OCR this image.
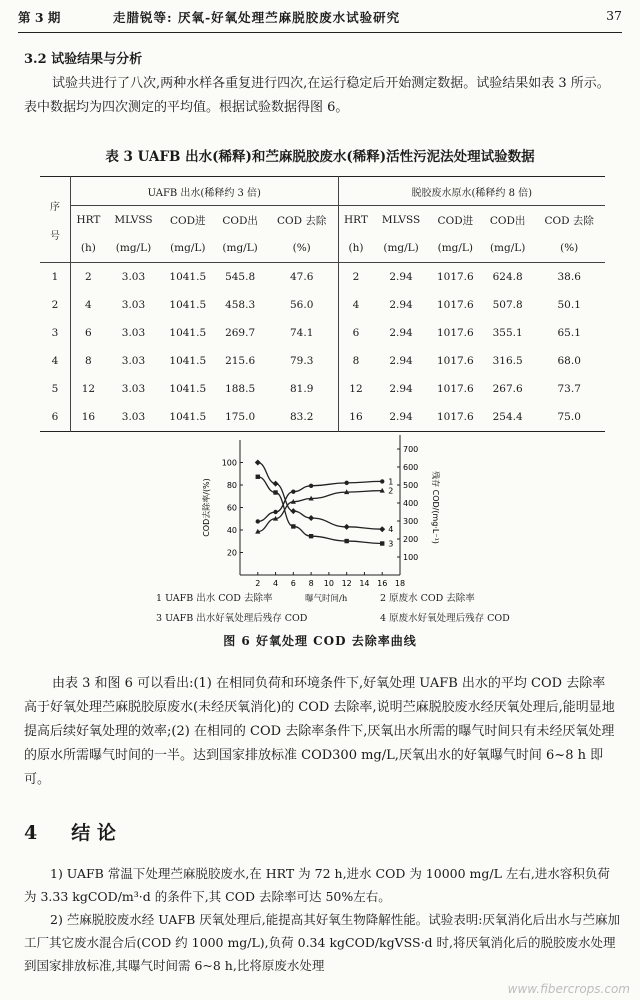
第 3 期	走腊锐等: 厌氧-好氧处理苎麻脱胶废水试验研究	37
3.2 试验结果与分析
试验共进行了八次,两种水样各重复进行四次,在运行稳定后开始测定数据。试验结果如表 3 所示。表中数据均为四次测定的平均值。根据试验数据得图 6。
表 3 UAFB 出水(稀释)和苎麻脱胶废水(稀释)活性污泥法处理试验数据
序
号	UAFB 出水(稀释约 3 倍)					脱胶废水原水(稀释约 8 倍)				
	HRT	MLVSS	COD进	COD出	COD 去除	HRT	MLVSS	COD进	COD出	COD 去除
	(h)	(mg/L)	(mg/L)	(mg/L)	(%)	(h)	(mg/L)	(mg/L)	(mg/L)	(%)
1	2	3.03	1041.5	545.8	47.6	2	2.94	1017.6	624.8	38.6
2	4	3.03	1041.5	458.3	56.0	4	2.94	1017.6	507.8	50.1
3	6	3.03	1041.5	269.7	74.1	6	2.94	1017.6	355.1	65.1
4	8	3.03	1041.5	215.6	79.3	8	2.94	1017.6	316.5	68.0
5	12	3.03	1041.5	188.5	81.9	12	2.94	1017.6	267.6	73.7
6	16	3.03	1041.5	175.0	83.2	16	2.94	1017.6	254.4	75.0
2 4 6 8 10 12 14 16 18
20
40
60
80
100
100
200
300
400
500
600
700
COD去除率/(%)	残存 COD/(mg·L⁻¹)
1
2
3
4
1 UAFB 出水 COD 去除率	2 原废水 COD 去除率
3 UAFB 出水好氧处理后残存 COD	4 原废水好氧处理后残存 COD
曝气时间/h
图 6 好氧处理 COD 去除率曲线
由表 3 和图 6 可以看出:(1) 在相同负荷和环境条件下,好氧处理 UAFB 出水的平均 COD 去除率高于好氧处理苎麻脱胶原废水(未经厌氧消化)的 COD 去除率,说明苎麻脱胶废水经厌氧处理后,能明显地提高后续好氧处理的效率;(2) 在相同的 COD 去除率条件下,厌氧出水所需的曝气时间只有未经厌氧处理的原水所需曝气时间的一半。达到国家排放标准 COD300 mg/L,厌氧出水的好氧曝气时间 6~8 h 即可。
4 结 论
1) UAFB 常温下处理苎麻脱胶废水,在 HRT 为 72 h,进水 COD 为 10000 mg/L 左右,进水容积负荷为 3.33 kgCOD/m³·d 的条件下,其 COD 去除率可达 50%左右。
2) 苎麻脱胶废水经 UAFB 厌氧处理后,能提高其好氧生物降解性能。试验表明:厌氧消化后出水与苎麻加工厂其它废水混合后(COD 约 1000 mg/L),负荷 0.34 kgCOD/kgVSS·d 时,将厌氧消化后的脱胶废水处理到国家排放标准,其曝气时间需 6~8 h,比将原废水处理
www.fibercrops.com
